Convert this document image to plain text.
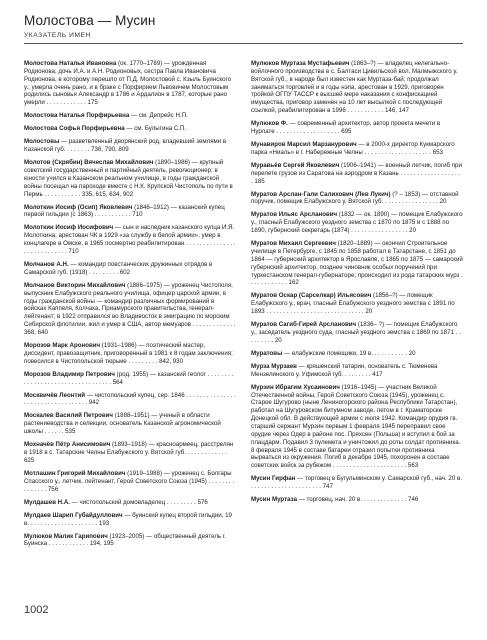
Молостова — Мусин
УКАЗАТЕЛЬ ИМЕН
Молостова Наталья Ивановна (ок. 1770–1789) — урожденная Родионова, дочь И.А. и А.Н. Родионовых, сестра Павла Ивановича Родионова, в которому перешло от П.Д. Молостовой с. Кзыль Буинского у.; умерла очень рано, и в браке с Порфирием Львовичем Молостовым родились сыновья Александр в 1786 и Ардалион в 1787, которые рано умерли . . . . . . . . . . . . 175
Молостова Наталья Порфирьевна — см. Депрейс Н.П.
Молостова Софья Порфирьевна — см. Булыгина С.П.
Молостовы — разветвленный дворянский род, владевший землями в Казанской губ. . . . . . . . 736, 790, 809
Молотов (Скрябин) Вячеслав Михайлович (1890–1986) — крупный советский государственный и партийный деятель, революционер; в юности учился в Казанском реальном училище, в годы гражданской войны посещал на пароходе вместе с Н.К. Крупской Чистополь по пути в Пермь . . . . . . . . . . . 335, 615, 634, 902
Молоткин Иосиф (Осип) Яковлевич (1846–1912) — казанский купец первой гильдии (с 1863) . . . . . . . . . . . 710
Молоткин Иосиф Иосифович — сын и наследник казанского купца И.Я. Молоткина, арестован ЧК в 1929 «за службу в белой армии», умер в концлагере в Омске, в 1965 посмертно реабилитирован . . . . . . . . . . . . . . . . . . . . . . . . . . . . 710
Молчанов А.Н. — командир повстанческих дружинных отрядов в Самарской губ. (1918) . . . . . . . . . 602
Молчанов Викторин Михайлович (1886–1975) — уроженец Чистополя, выпускник Елабужского реального училища, офицер царской армии, в годы гражданской войны — командир различных формирований в войсках Каппеля, Колчака, Приамурского правительства, генерал-лейтенант; в 1922 отправился во Владивосток в эмиграцию по морским Сибирской флотилии, жил и умер в США, автор мемуаров . . . . . . . . . . . . . 368, 640
Морозов Марк Аронович (1931–1986) — поэтический мастер, диссидент, правозащитник, приговоренный в 1981 к 8 годам заключения; повесился в Чистопольской тюрьме . . . . . . . . . 842, 930
Морозов Владимир Петрович (род. 1955) — казанский геолог . . . . . . . . . . . . . . . . . . . . . . . . . . . . . . . . . . 564
Москвичёв Леонтий — чистопольский купец, сер. 1846 . . . . . . . . . . . . . . . . . . . . . . . . . . . . . . . . . . 942
Москалев Василий Петрович (1888–1951) — ученый в области растениеводства и селекции, основатель Казанской агрономической школы . . . . . . 535
Мохначёв Пётр Анисимович (1893–1918) — красноармеец, расстрелян в 1918 в с. Татарские Челны Елабужского у. Вятской губ. . . . . . . . . . . . . 625
Мотлашин Григорий Михайлович (1919–1988) — уроженец с. Болгары Спасского у., летчик, лейтенант, Герой Советского Союза (1945) . . . . . . . . . . . . . . . 756
Мулдашев Н.А. — чистопольский домовладелец . . . . . . . . . 576
Мулдаев Шарип Губайдуллович — буинский купец второй гильдии, 19 в. . . . . . . . . . . . . . . . . . . . . 193
Мулюков Малик Гарипович (1923–2005) — общественный деятель г. Буинска . . . . . . . . . . . . 194, 195
Мулюков Муртаза Мустафьевич (1863–?) — владелец нелегально-войлочного производства в с. Балтаси Цивильской вол. Малмыжского у. Вятской губ., в народе был известен как Муртаза-бай; продолжал заниматься торговлей и в годы нэпа, арестован в 1929, приговорен тройкой ОГПУ ТАССР к высшей мере наказания с конфискацией имущества, приговор заменен на 10 лет высылкой с последующей ссылкой, реабилитирован в 1996 . . . . . . . . . . . 146, 147
Мулюков Ф. — современный архитектор, автор проекта мечети в Нурлате . . . . . . . . . . . . . . . . . . . 695
Мунавиров Марсил Марзанурович — в 2000-х директор Кукмарского парка «Ниаль» в г. Набережные Челны . . . . . . . . . . . . . . . . . . . . 653
Муравьёв Сергей Яковлевич (1906–1941) — военный летчик, погиб при перелете грузов из Саратова на аэродром в Казань . . . . . . . . . . . . . . . . . . . 185
Муратов Арслан-Гали Салихович (Лев Лукич) (? – 1853) — отставной поручик, помещик Елабужского у. Вятской губ. . . . . . . . . . . . . . . . . 20
Муратов Ильяс Арсланович (1832 — ок. 1890) — помещик Елабужского у., гласный Елабужского уездного земства с 1870 по 1875 и с 1888 по 1890, губернский секретарь (1874) . . . . . . . . . . . . . . . . . 20
Муратов Михаил Сергеевич (1820–1889) — окончил Строительное училище в Петербурге, с 1845 по 1858 работал в Татарстане, с 1851 до 1864 — губернский архитектор в Ярославле, с 1865 по 1875 — самарский губернский архитектор, позднее чиновник особых поручений при туркестанском генерал-губернаторе; происходил из рода татарских мурз . . . . . . . . . . . . 162
Муратов Оскар (Сарселкар) Ильясович (1856–?) — помещик Елабужского у., врач, гласный Елабужского уездного земства с 1891 по 1893 . . . . . . . . . . . . . . . . . . . . . . . . . . . . . 20
Муратов Сагиб-Гирей Арсланович (1836– ?) — помещик Елабужского у., заседатель уездного суда, гласный уездного земства с 1869 по 1871 . . . . . . . . . 20
Муратовы — елабужские помещики, 19 в. . . . . . . . . . . 20
Мурза Мурзаев — кряшенский татарин, основатель с. Тюменева Мензелинского у. Уфимской губ. . . . . . . . . 417
Мурзин Ибрагим Хусаинович (1916–1945) — участник Великой Отечественной войны, Герой Советского Союза (1945), уроженец с. Старое Шугурово (ныне Лениногорского района Республики Татарстан), работал на Шугуровском битумном заводе, летом в г. Краматорске Донецкой обл. В действующей армии с июля 1942. Командир орудия гв. старший сержант Мурзин первым 1 февраля 1945 переправил свое орудие через Одер в районе пос. Пряхсен (Польша) и вступил в бой за плацдарм. Подавил 3 пулемета и уничтожил до роты солдат противника. 8 февраля 1945 в составе батареи отразил попытки противника вырваться из окружения. Погиб в декабре 1945, похоронен в составе советских войск за рубежом . . . . . . . . . . . . . . . . . . . . . . 563
Мусин Гирфан — торговец в Бугульминском у. Самарской губ., нач. 20 в. . . . . . . . . . . . . . . . . . . . . . 747
Мусин Муртаза — торговец, нач. 20 в. . . . . . . . . . . . . . 746
1002
